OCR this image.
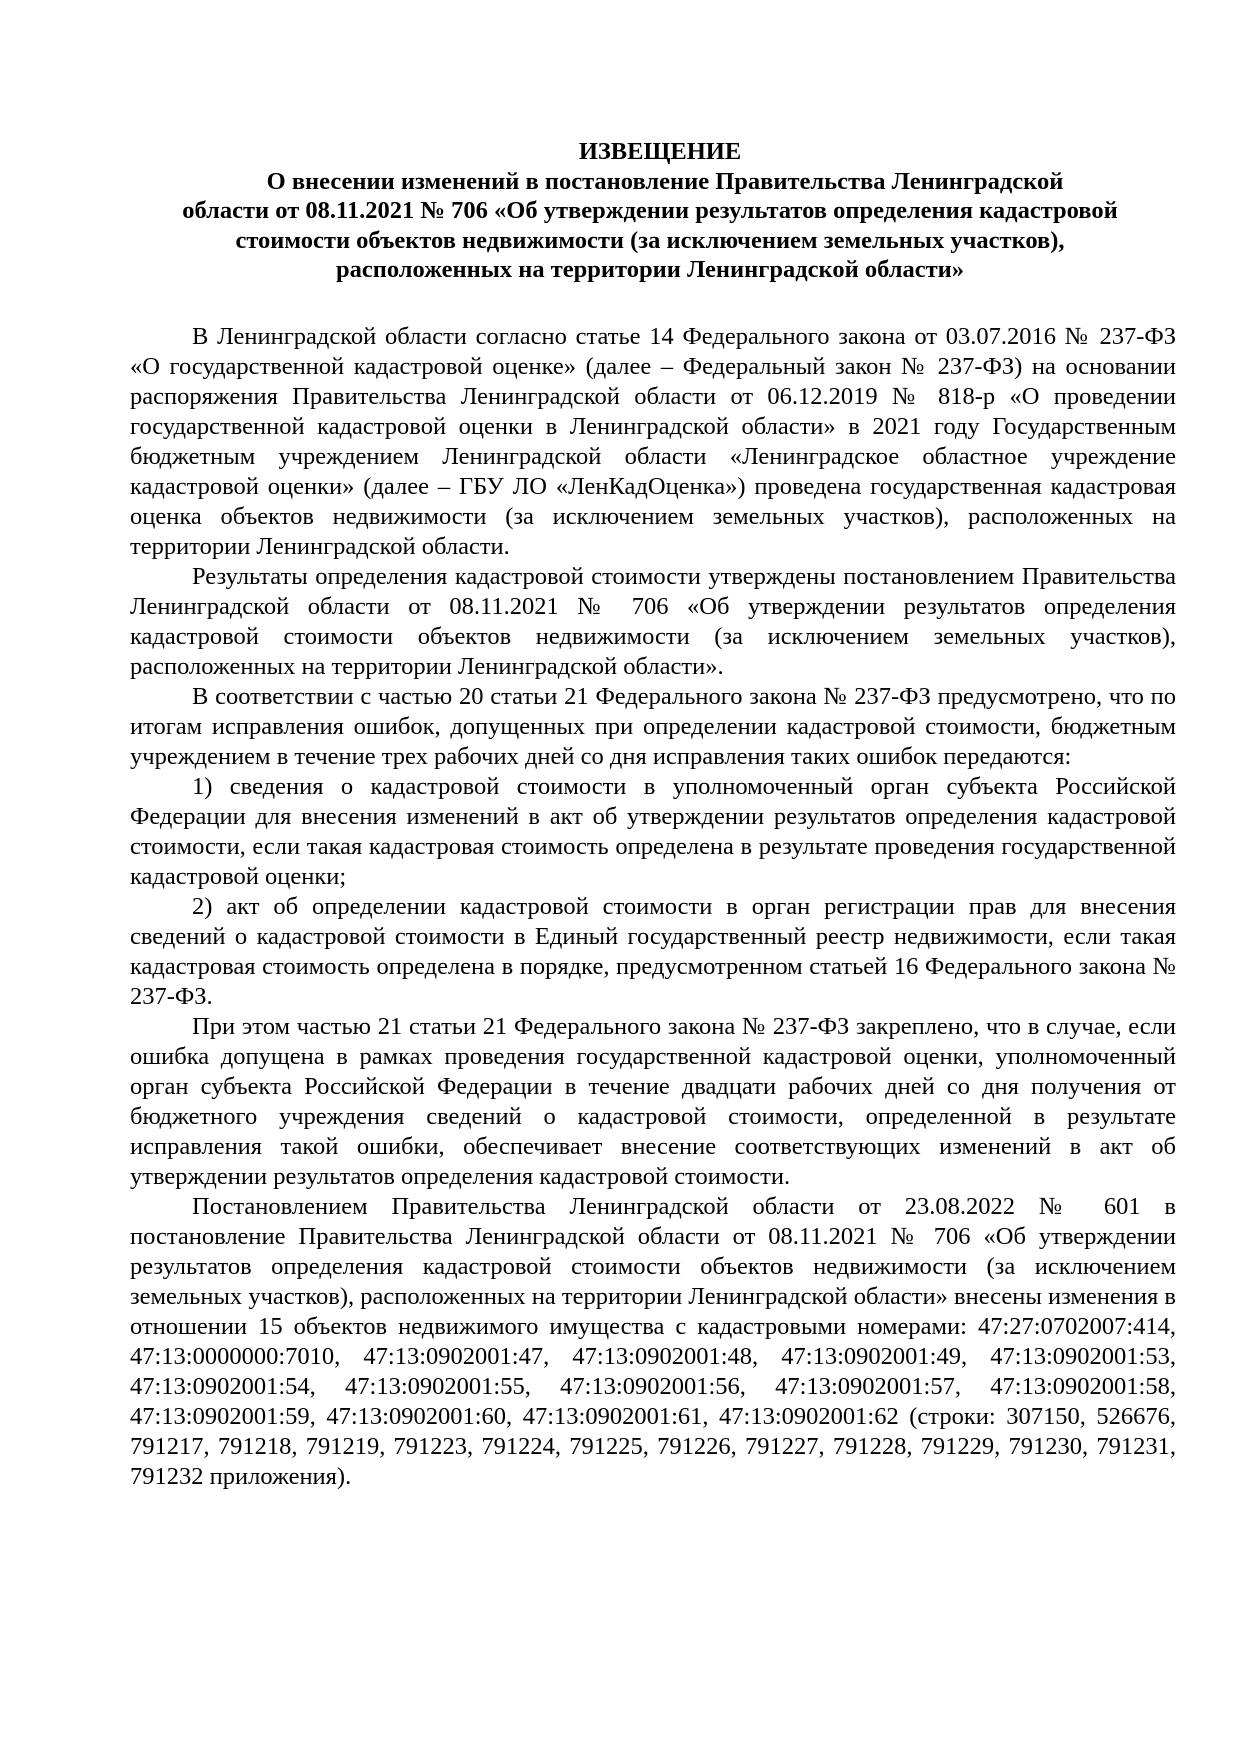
ИЗВЕЩЕНИЕ
О внесении изменений в постановление Правительства Ленинградской
области от 08.11.2021 № 706 «Об утверждении результатов определения кадастровой
стоимости объектов недвижимости (за исключением земельных участков),
расположенных на территории Ленинградской области»

В Ленинградской области согласно статье 14 Федерального закона от 03.07.2016 № 237-ФЗ «О государственной кадастровой оценке» (далее – Федеральный закон № 237-ФЗ) на основании распоряжения Правительства Ленинградской области от 06.12.2019 № 818-р «О проведении государственной кадастровой оценки в Ленинградской области» в 2021 году Государственным бюджетным учреждением Ленинградской области «Ленинградское областное учреждение кадастровой оценки» (далее – ГБУ ЛО «ЛенКадОценка») проведена государственная кадастровая оценка объектов недвижимости (за исключением земельных участков), расположенных на территории Ленинградской области.

Результаты определения кадастровой стоимости утверждены постановлением Правительства Ленинградской области от 08.11.2021 № 706 «Об утверждении результатов определения кадастровой стоимости объектов недвижимости (за исключением земельных участков), расположенных на территории Ленинградской области».

В соответствии с частью 20 статьи 21 Федерального закона № 237-ФЗ предусмотрено, что по итогам исправления ошибок, допущенных при определении кадастровой стоимости, бюджетным учреждением в течение трех рабочих дней со дня исправления таких ошибок передаются:

1) сведения о кадастровой стоимости в уполномоченный орган субъекта Российской Федерации для внесения изменений в акт об утверждении результатов определения кадастровой стоимости, если такая кадастровая стоимость определена в результате проведения государственной кадастровой оценки;

2) акт об определении кадастровой стоимости в орган регистрации прав для внесения сведений о кадастровой стоимости в Единый государственный реестр недвижимости, если такая кадастровая стоимость определена в порядке, предусмотренном статьей 16 Федерального закона № 237-ФЗ.

При этом частью 21 статьи 21 Федерального закона № 237-ФЗ закреплено, что в случае, если ошибка допущена в рамках проведения государственной кадастровой оценки, уполномоченный орган субъекта Российской Федерации в течение двадцати рабочих дней со дня получения от бюджетного учреждения сведений о кадастровой стоимости, определенной в результате исправления такой ошибки, обеспечивает внесение соответствующих изменений в акт об утверждении результатов определения кадастровой стоимости.

Постановлением Правительства Ленинградской области от 23.08.2022 № 601 в постановление Правительства Ленинградской области от 08.11.2021 № 706 «Об утверждении результатов определения кадастровой стоимости объектов недвижимости (за исключением земельных участков), расположенных на территории Ленинградской области» внесены изменения в отношении 15 объектов недвижимого имущества с кадастровыми номерами: 47:27:0702007:414, 47:13:0000000:7010, 47:13:0902001:47, 47:13:0902001:48, 47:13:0902001:49, 47:13:0902001:53, 47:13:0902001:54, 47:13:0902001:55, 47:13:0902001:56, 47:13:0902001:57, 47:13:0902001:58, 47:13:0902001:59, 47:13:0902001:60, 47:13:0902001:61, 47:13:0902001:62 (строки: 307150, 526676, 791217, 791218, 791219, 791223, 791224, 791225, 791226, 791227, 791228, 791229, 791230, 791231, 791232 приложения).
